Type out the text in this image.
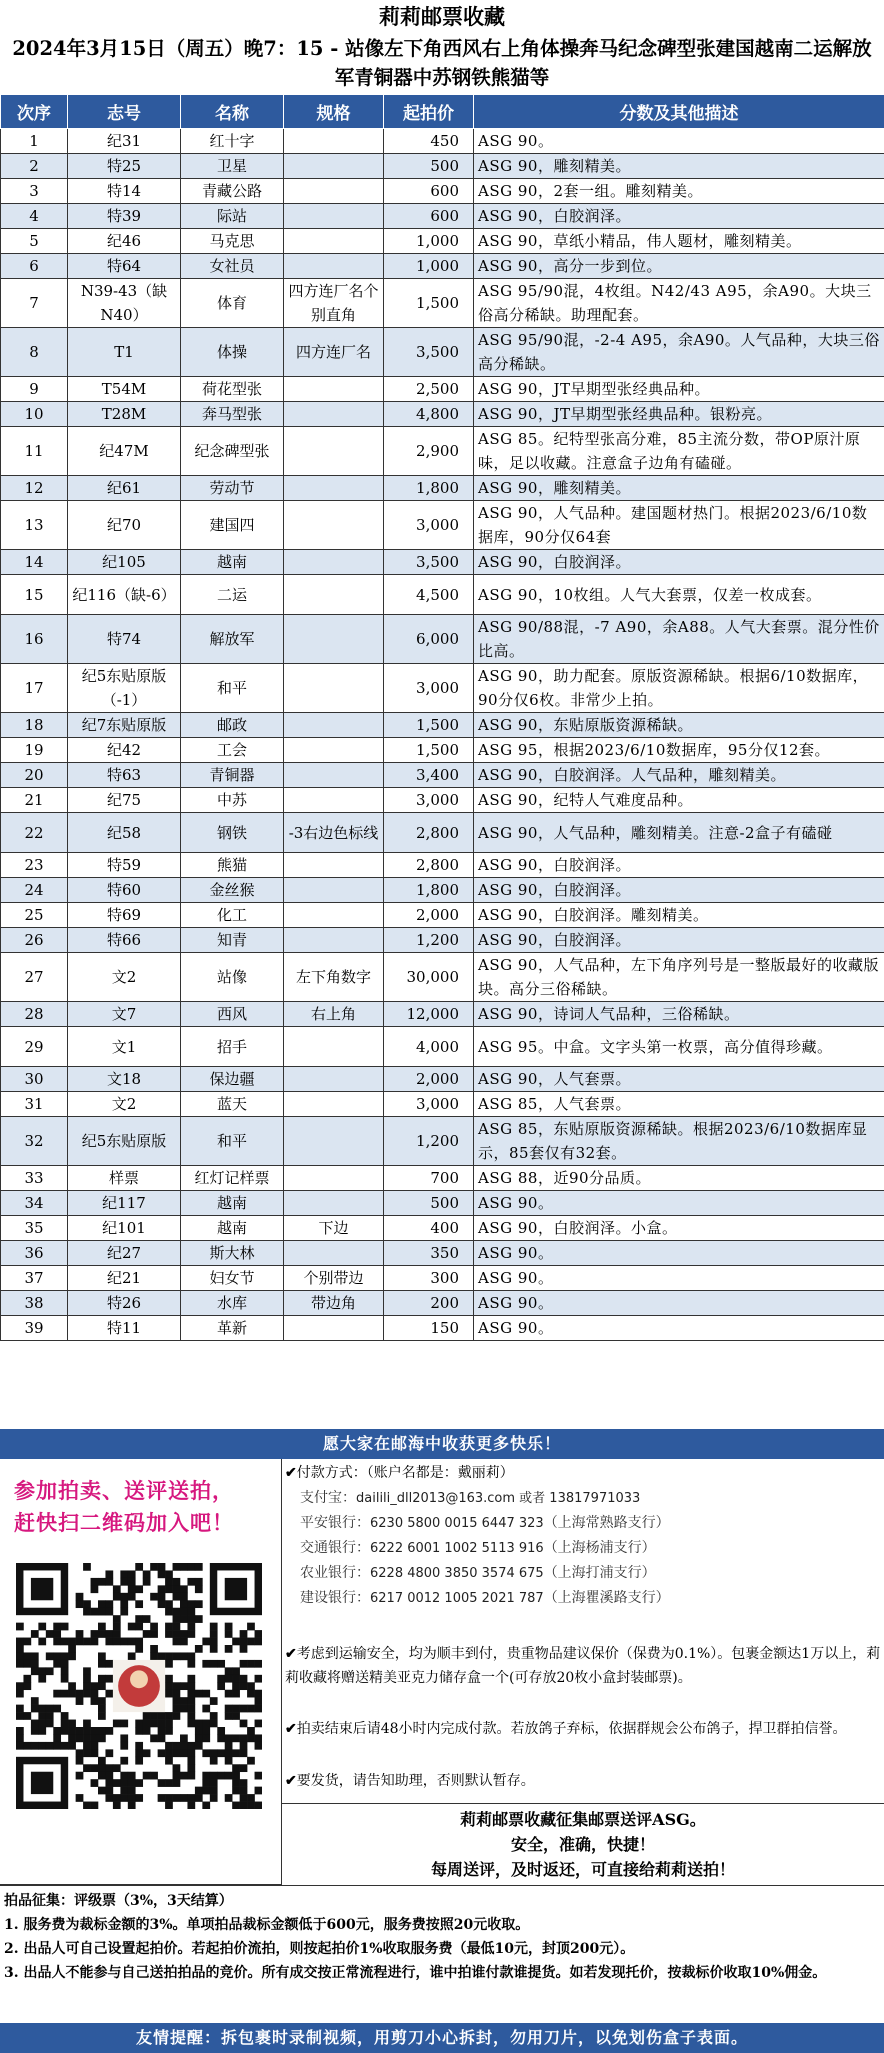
莉莉邮票收藏
2024年3月15日（周五）晚7：15 - 站像左下角西风右上角体操奔马纪念碑型张建国越南二运解放军青铜器中苏钢铁熊猫等
次序	志号	名称	规格	起拍价	分数及其他描述
1	纪31	红十字		450	ASG 90。
2	特25	卫星		500	ASG 90，雕刻精美。
3	特14	青藏公路		600	ASG 90，2套一组。雕刻精美。
4	特39	际站		600	ASG 90，白胶润泽。
5	纪46	马克思		1,000	ASG 90，草纸小精品，伟人题材，雕刻精美。
6	特64	女社员		1,000	ASG 90，高分一步到位。
7	N39-43（缺N40）	体育	四方连厂名个别直角	1,500	ASG 95/90混，4枚组。N42/43 A95，余A90。大块三俗高分稀缺。助理配套。
8	T1	体操	四方连厂名	3,500	ASG 95/90混，-2-4 A95，余A90。人气品种，大块三俗高分稀缺。
9	T54M	荷花型张		2,500	ASG 90，JT早期型张经典品种。
10	T28M	奔马型张		4,800	ASG 90，JT早期型张经典品种。银粉亮。
11	纪47M	纪念碑型张		2,900	ASG 85。纪特型张高分难，85主流分数，带OP原汁原味，足以收藏。注意盒子边角有磕碰。
12	纪61	劳动节		1,800	ASG 90，雕刻精美。
13	纪70	建国四		3,000	ASG 90，人气品种。建国题材热门。根据2023/6/10数据库，90分仅64套
14	纪105	越南		3,500	ASG 90，白胶润泽。
15	纪116（缺-6）	二运		4,500	ASG 90，10枚组。人气大套票，仅差一枚成套。
16	特74	解放军		6,000	ASG 90/88混，-7 A90，余A88。人气大套票。混分性价比高。
17	纪5东贴原版（-1）	和平		3,000	ASG 90，助力配套。原版资源稀缺。根据6/10数据库，90分仅6枚。非常少上拍。
18	纪7东贴原版	邮政		1,500	ASG 90，东贴原版资源稀缺。
19	纪42	工会		1,500	ASG 95，根据2023/6/10数据库，95分仅12套。
20	特63	青铜器		3,400	ASG 90，白胶润泽。人气品种，雕刻精美。
21	纪75	中苏		3,000	ASG 90，纪特人气难度品种。
22	纪58	钢铁	-3右边色标线	2,800	ASG 90，人气品种，雕刻精美。注意-2盒子有磕碰
23	特59	熊猫		2,800	ASG 90，白胶润泽。
24	特60	金丝猴		1,800	ASG 90，白胶润泽。
25	特69	化工		2,000	ASG 90，白胶润泽。雕刻精美。
26	特66	知青		1,200	ASG 90，白胶润泽。
27	文2	站像	左下角数字	30,000	ASG 90，人气品种，左下角序列号是一整版最好的收藏版块。高分三俗稀缺。
28	文7	西风	右上角	12,000	ASG 90，诗词人气品种，三俗稀缺。
29	文1	招手		4,000	ASG 95。中盒。文字头第一枚票，高分值得珍藏。
30	文18	保边疆		2,000	ASG 90，人气套票。
31	文2	蓝天		3,000	ASG 85，人气套票。
32	纪5东贴原版	和平		1,200	ASG 85，东贴原版资源稀缺。根据2023/6/10数据库显示，85套仅有32套。
33	样票	红灯记样票		700	ASG 88，近90分品质。
34	纪117	越南		500	ASG 90。
35	纪101	越南	下边	400	ASG 90，白胶润泽。小盒。
36	纪27	斯大林		350	ASG 90。
37	纪21	妇女节	个别带边	300	ASG 90。
38	特26	水库	带边角	200	ASG 90。
39	特11	革新		150	ASG 90。
愿大家在邮海中收获更多快乐！
参加拍卖、送评送拍，
赶快扫二维码加入吧！
✔付款方式：（账户名都是：戴丽莉）
支付宝：dailili_dll2013@163.com 或者 13817971033
平安银行：6230 5800 0015 6447 323（上海常熟路支行）
交通银行：6222 6001 1002 5113 916（上海杨浦支行）
农业银行：6228 4800 3850 3574 675（上海打浦支行）
建设银行：6217 0012 1005 2021 787（上海瞿溪路支行）
✔考虑到运输安全，均为顺丰到付，贵重物品建议保价（保费为0.1%）。包裹金额达1万以上，莉莉收藏将赠送精美亚克力储存盒一个(可存放20枚小盒封装邮票)。
✔拍卖结束后请48小时内完成付款。若放鸽子弃标，依据群规会公布鸽子，捍卫群拍信誉。
✔要发货，请告知助理，否则默认暂存。
莉莉邮票收藏征集邮票送评ASG。
安全，准确，快捷！
每周送评，及时返还，可直接给莉莉送拍！
拍品征集：评级票（3%，3天结算）
1. 服务费为裁标金额的3%。单项拍品裁标金额低于600元，服务费按照20元收取。
2. 出品人可自己设置起拍价。若起拍价流拍，则按起拍价1%收取服务费（最低10元，封顶200元）。
3. 出品人不能参与自己送拍拍品的竞价。所有成交按正常流程进行，谁中拍谁付款谁提货。如若发现托价，按裁标价收取10%佣金。
友情提醒：拆包裹时录制视频，用剪刀小心拆封，勿用刀片，以免划伤盒子表面。
